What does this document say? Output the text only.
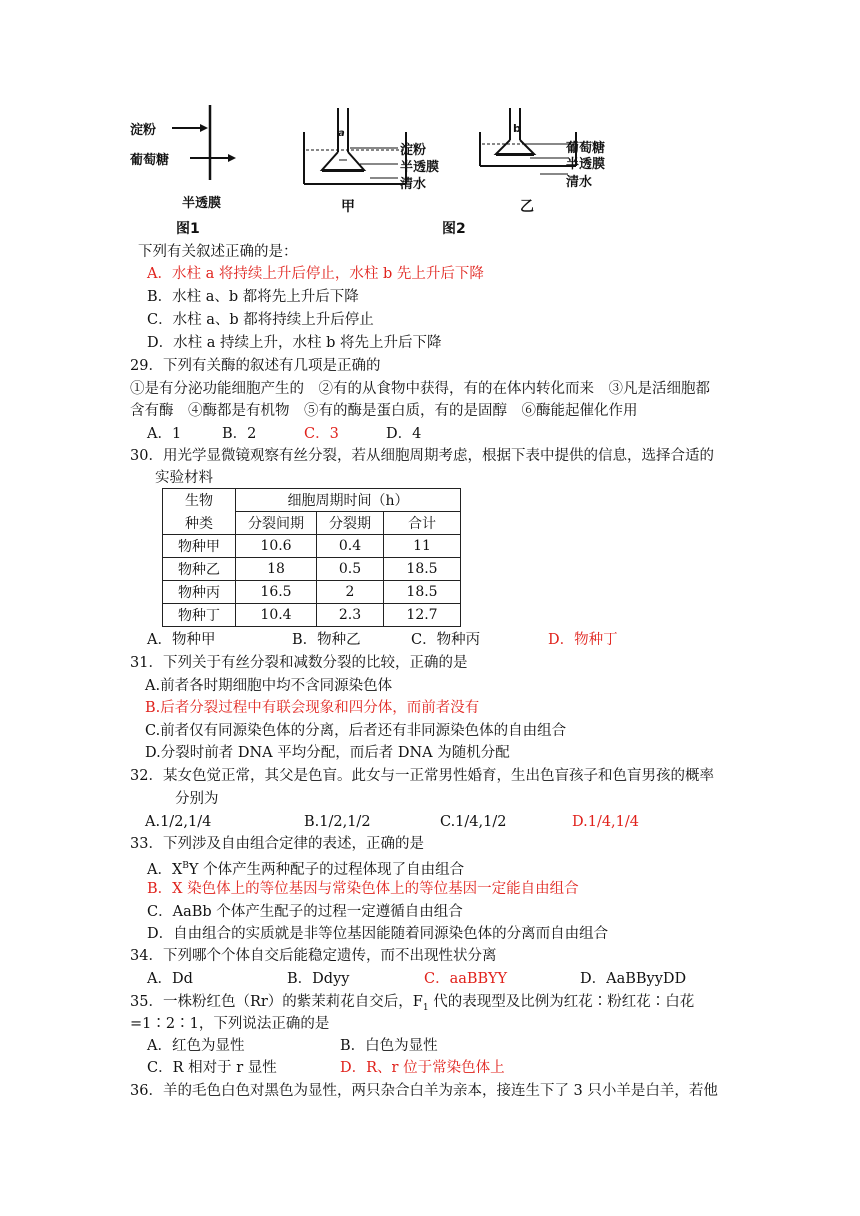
淀粉
葡萄糖
半透膜
图1
a
淀粉
半透膜
清水
甲
b
葡萄糖
半透膜
清水
乙
图2
下列有关叙述正确的是：
A．水柱 a 将持续上升后停止，水柱 b 先上升后下降
B．水柱 a、b 都将先上升后下降
C．水柱 a、b 都将持续上升后停止
D．水柱 a 持续上升，水柱 b 将先上升后下降
29．下列有关酶的叙述有几项是正确的
①是有分泌功能细胞产生的　②有的从食物中获得，有的在体内转化而来　③凡是活细胞都
含有酶　④酶都是有机物　⑤有的酶是蛋白质，有的是固醇　⑥酶能起催化作用
A．1	B．2	C．3	D．4
30．用光学显微镜观察有丝分裂，若从细胞周期考虑，根据下表中提供的信息，选择合适的
实验材料
生物	细胞周期时间（h）		
种类	分裂间期	分裂期	合计
物种甲	10.6	0.4	11
物种乙	18	0.5	18.5
物种丙	16.5	2	18.5
物种丁	10.4	2.3	12.7
A．物种甲	B．物种乙	C．物种丙	D．物种丁
31．下列关于有丝分裂和减数分裂的比较，正确的是
A.前者各时期细胞中均不含同源染色体
B.后者分裂过程中有联会现象和四分体，而前者没有
C.前者仅有同源染色体的分离，后者还有非同源染色体的自由组合
D.分裂时前者 DNA 平均分配，而后者 DNA 为随机分配
32．某女色觉正常，其父是色盲。此女与一正常男性婚育，生出色盲孩子和色盲男孩的概率
分别为
A.1/2,1/4	B.1/2,1/2	C.1/4,1/2	D.1/4,1/4
33．下列涉及自由组合定律的表述，正确的是
A．$X^BY$ 个体产生两种配子的过程体现了自由组合
B．X 染色体上的等位基因与常染色体上的等位基因一定能自由组合
C．AaBb 个体产生配子的过程一定遵循自由组合
D．自由组合的实质就是非等位基因能随着同源染色体的分离而自由组合
34．下列哪个个体自交后能稳定遗传，而不出现性状分离
A．Dd	B．Ddyy	C．aaBBYY	D．AaBByyDD
35．一株粉红色（Rr）的紫茉莉花自交后，$F_1$ 代的表现型及比例为红花∶粉红花∶白花
=1∶2∶1，下列说法正确的是
A．红色为显性	B．白色为显性
C．R 相对于 r 显性	D．R、r 位于常染色体上
36．羊的毛色白色对黑色为显性，两只杂合白羊为亲本，接连生下了 3 只小羊是白羊，若他
